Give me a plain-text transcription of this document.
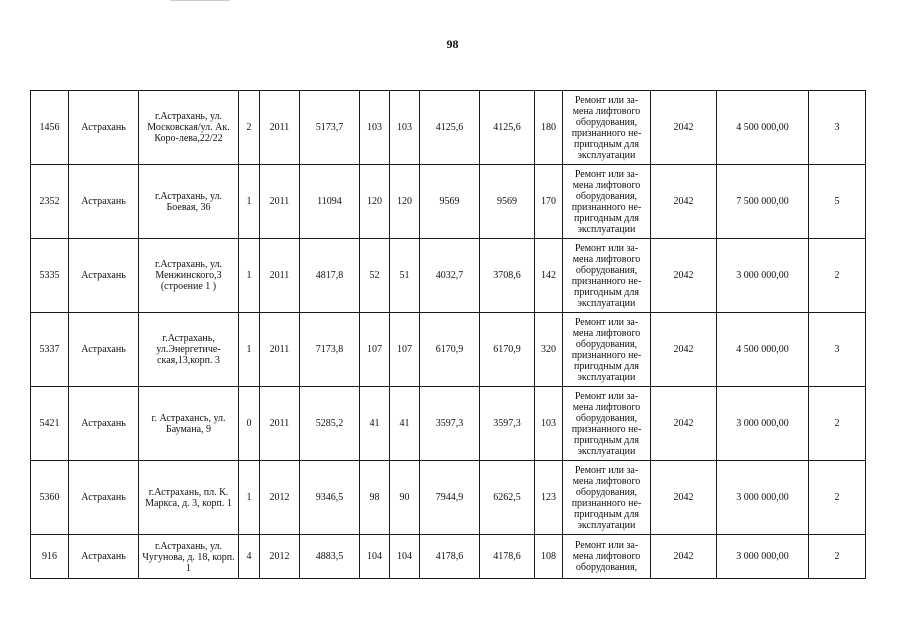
98
1456	Астрахань	г.Астрахань, ул. Московская/ул. Ак. Коро-лева,22/22	2	2011	5173,7	103	103	4125,6	4125,6	180	Ремонт или за-мена лифтового оборудования, признанного не-пригодным для эксплуатации	2042	4 500 000,00	3
2352	Астрахань	г.Астрахань, ул. Боевая, 36	1	2011	11094	120	120	9569	9569	170	Ремонт или за-мена лифтового оборудования, признанного не-пригодным для эксплуатации	2042	7 500 000,00	5
5335	Астрахань	г.Астрахань, ул. Менжинского,3 (строение 1 )	1	2011	4817,8	52	51	4032,7	3708,6	142	Ремонт или за-мена лифтового оборудования, признанного не-пригодным для эксплуатации	2042	3 000 000,00	2
5337	Астрахань	г.Астрахань, ул.Энергетиче-ская,13,корп. 3	1	2011	7173,8	107	107	6170,9	6170,9	320	Ремонт или за-мена лифтового оборудования, признанного не-пригодным для эксплуатации	2042	4 500 000,00	3
5421	Астрахань	г. Астрахансь, ул. Баумана, 9	0	2011	5285,2	41	41	3597,3	3597,3	103	Ремонт или за-мена лифтового оборудования, признанного не-пригодным для эксплуатации	2042	3 000 000,00	2
5360	Астрахань	г.Астрахань, пл. К. Маркса, д. 3, корп. 1	1	2012	9346,5	98	90	7944,9	6262,5	123	Ремонт или за-мена лифтового оборудования, признанного не-пригодным для эксплуатации	2042	3 000 000,00	2
916	Астрахань	г.Астрахань, ул. Чугунова, д. 18, корп. 1	4	2012	4883,5	104	104	4178,6	4178,6	108	Ремонт или за-мена лифтового оборудования,	2042	3 000 000,00	2
